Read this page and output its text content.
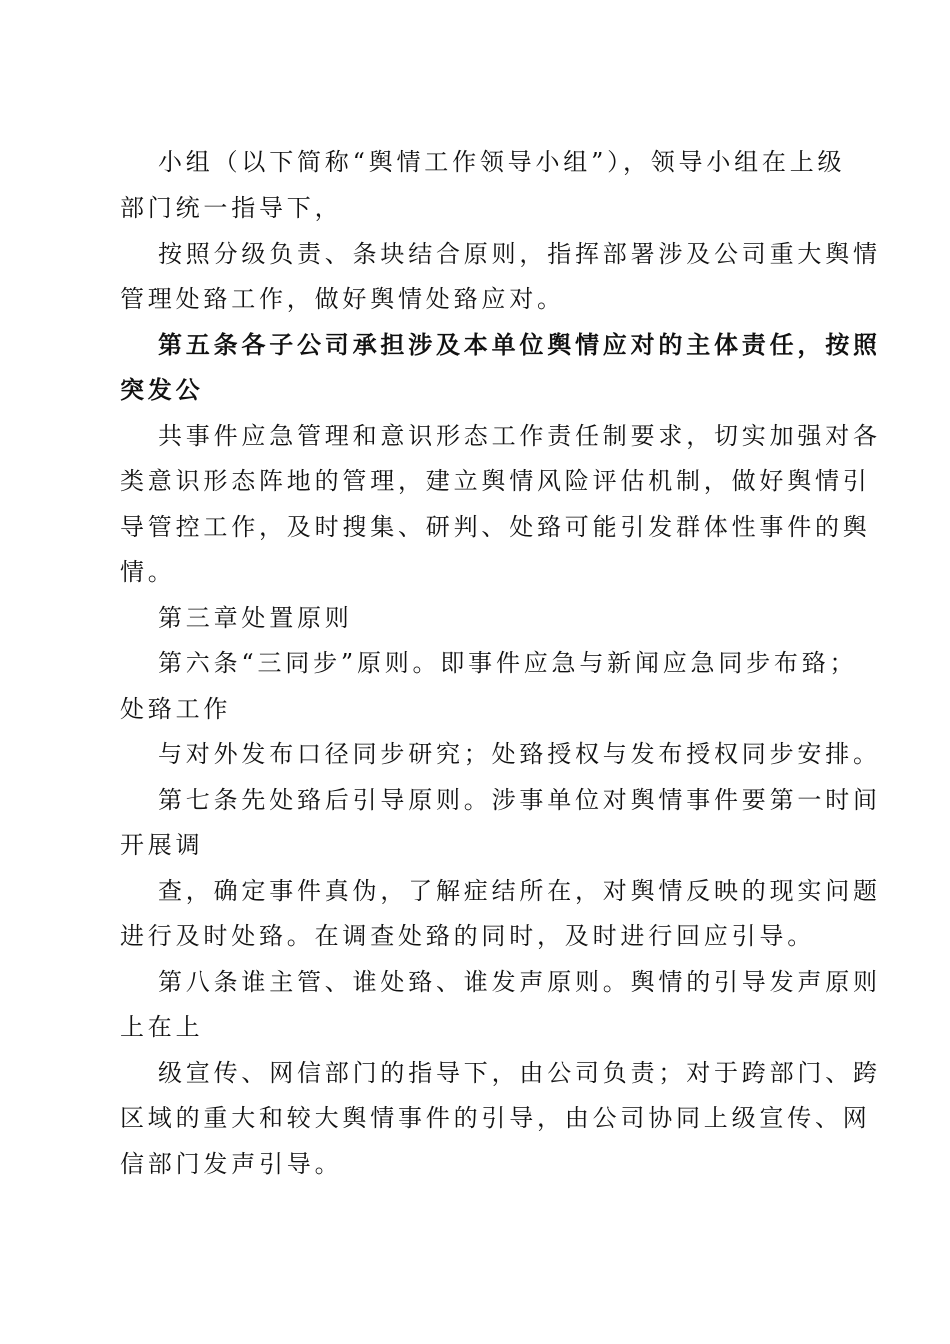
小组（以下简称“舆情工作领导小组”），领导小组在上级
部门统一指导下，
按照分级负责、条块结合原则，指挥部署涉及公司重大舆情
管理处臵工作，做好舆情处臵应对。
第五条各子公司承担涉及本单位舆情应对的主体责任，按照
突发公
共事件应急管理和意识形态工作责任制要求，切实加强对各
类意识形态阵地的管理，建立舆情风险评估机制，做好舆情引
导管控工作，及时搜集、研判、处臵可能引发群体性事件的舆
情。
第三章处置原则
第六条“三同步”原则。即事件应急与新闻应急同步布臵；
处臵工作
与对外发布口径同步研究；处臵授权与发布授权同步安排。
第七条先处臵后引导原则。涉事单位对舆情事件要第一时间
开展调
查，确定事件真伪，了解症结所在，对舆情反映的现实问题
进行及时处臵。在调查处臵的同时，及时进行回应引导。
第八条谁主管、谁处臵、谁发声原则。舆情的引导发声原则
上在上
级宣传、网信部门的指导下，由公司负责；对于跨部门、跨
区域的重大和较大舆情事件的引导，由公司协同上级宣传、网
信部门发声引导。
